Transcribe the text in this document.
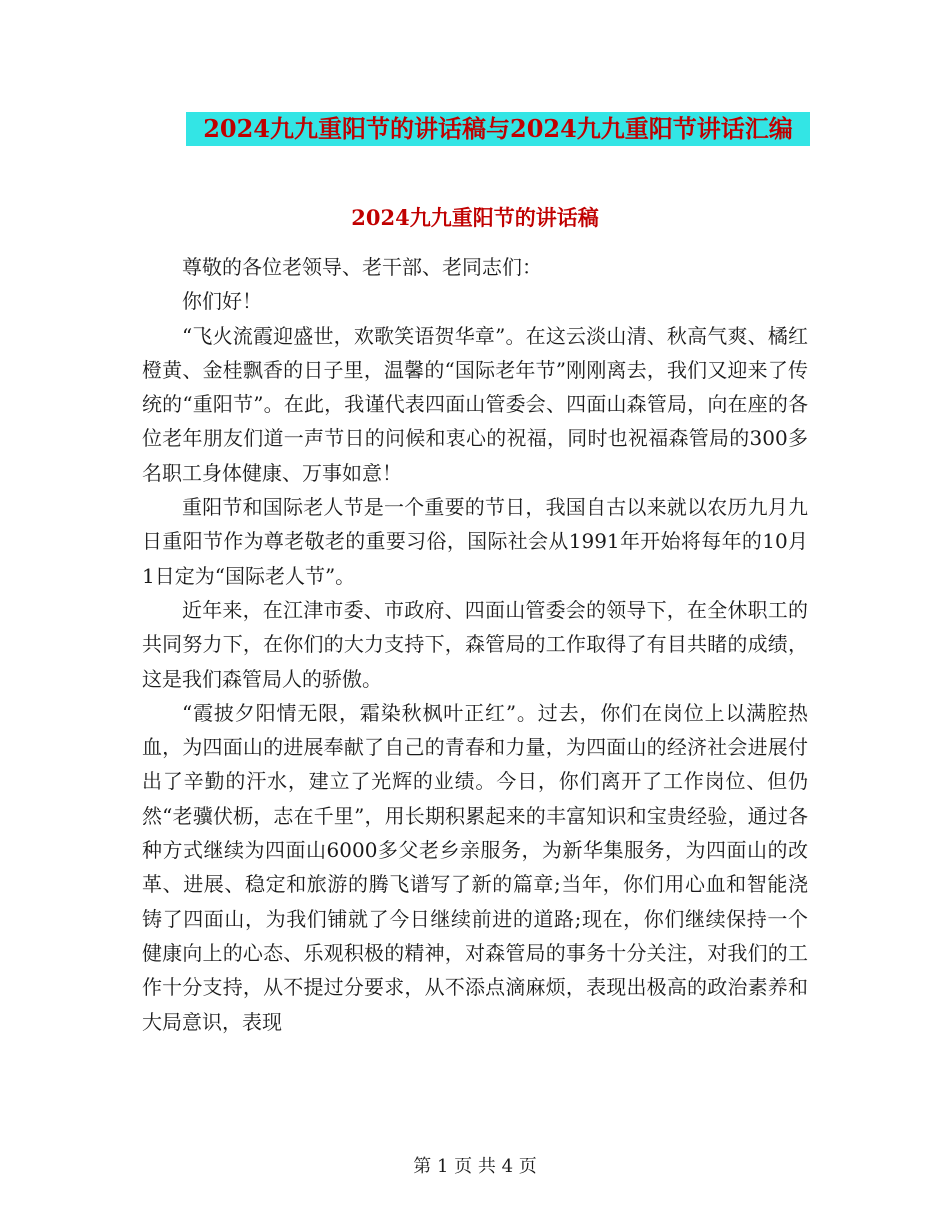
2024九九重阳节的讲话稿与2024九九重阳节讲话汇编
2024九九重阳节的讲话稿

尊敬的各位老领导、老干部、老同志们：

你们好！

“飞火流霞迎盛世，欢歌笑语贺华章”。在这云淡山清、秋高气爽、橘红橙黄、金桂飘香的日子里，温馨的“国际老年节”刚刚离去，我们又迎来了传统的“重阳节”。在此，我谨代表四面山管委会、四面山森管局，向在座的各位老年朋友们道一声节日的问候和衷心的祝福，同时也祝福森管局的300多名职工身体健康、万事如意！

重阳节和国际老人节是一个重要的节日，我国自古以来就以农历九月九日重阳节作为尊老敬老的重要习俗，国际社会从1991年开始将每年的10月1日定为“国际老人节”。

近年来，在江津市委、市政府、四面山管委会的领导下，在全休职工的共同努力下，在你们的大力支持下，森管局的工作取得了有目共睹的成绩，这是我们森管局人的骄傲。

“霞披夕阳情无限，霜染秋枫叶正红”。过去，你们在岗位上以满腔热血，为四面山的进展奉献了自己的青春和力量，为四面山的经济社会进展付出了辛勤的汗水，建立了光辉的业绩。今日，你们离开了工作岗位、但仍然“老骥伏枥，志在千里”，用长期积累起来的丰富知识和宝贵经验，通过各种方式继续为四面山6000多父老乡亲服务，为新华集服务，为四面山的改革、进展、稳定和旅游的腾飞谱写了新的篇章;当年，你们用心血和智能浇铸了四面山，为我们铺就了今日继续前进的道路;现在，你们继续保持一个健康向上的心态、乐观积极的精神，对森管局的事务十分关注，对我们的工作十分支持，从不提过分要求，从不添点滴麻烦，表现出极高的政治素养和大局意识，表现

第 1 页 共 4 页
